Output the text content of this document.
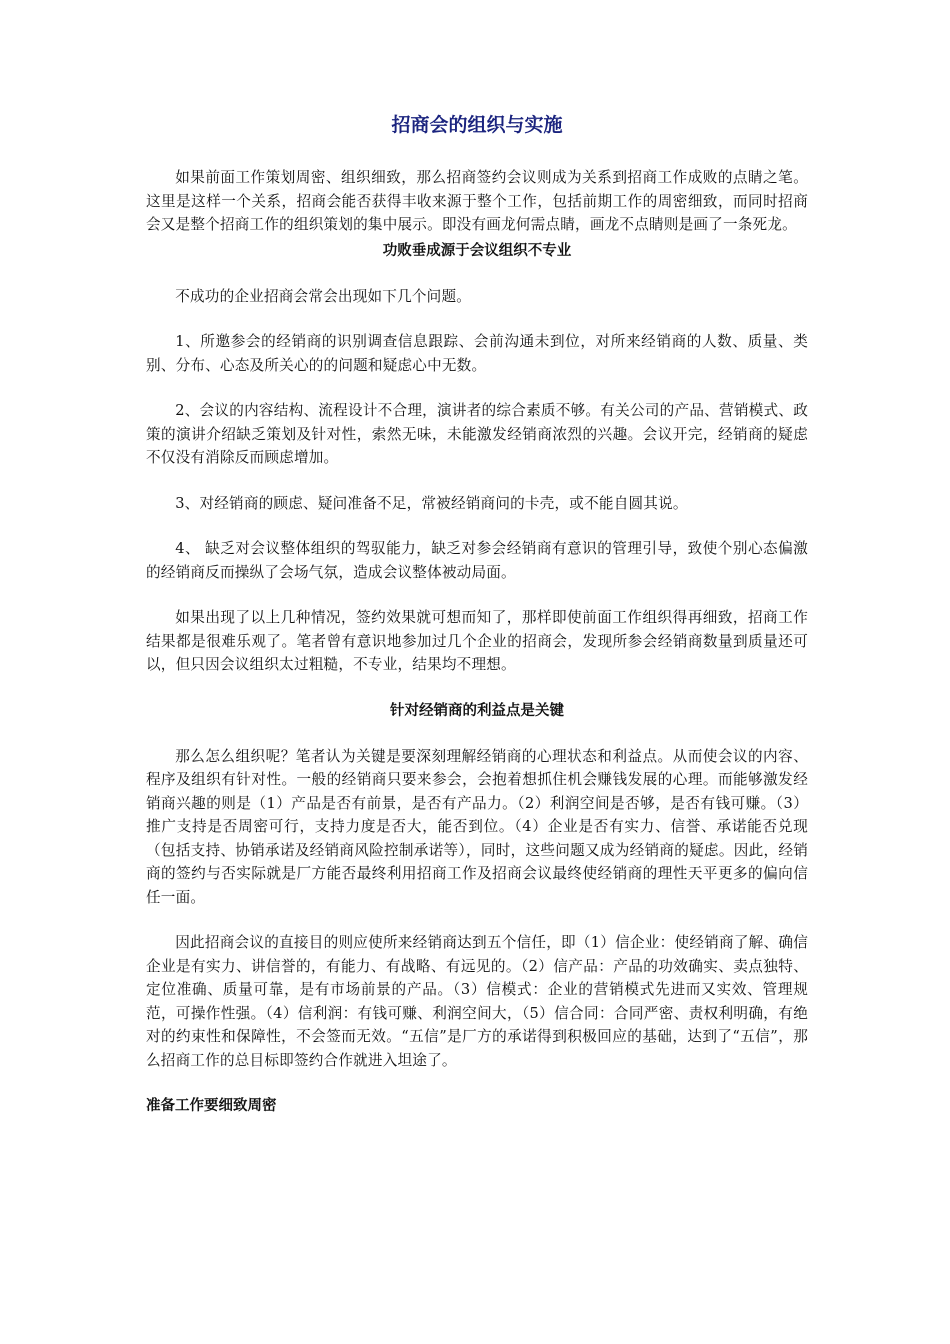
招商会的组织与实施

如果前面工作策划周密、组织细致，那么招商签约会议则成为关系到招商工作成败的点睛之笔。这里是这样一个关系，招商会能否获得丰收来源于整个工作，包括前期工作的周密细致，而同时招商会又是整个招商工作的组织策划的集中展示。即没有画龙何需点睛，画龙不点睛则是画了一条死龙。

功败垂成源于会议组织不专业

不成功的企业招商会常会出现如下几个问题。

1、所邀参会的经销商的识别调查信息跟踪、会前沟通未到位，对所来经销商的人数、质量、类别、分布、心态及所关心的的问题和疑虑心中无数。

2、会议的内容结构、流程设计不合理，演讲者的综合素质不够。有关公司的产品、营销模式、政策的演讲介绍缺乏策划及针对性，索然无味，未能激发经销商浓烈的兴趣。会议开完，经销商的疑虑不仅没有消除反而顾虑增加。

3、对经销商的顾虑、疑问准备不足，常被经销商问的卡壳，或不能自圆其说。

4、 缺乏对会议整体组织的驾驭能力，缺乏对参会经销商有意识的管理引导，致使个别心态偏激的经销商反而操纵了会场气氛，造成会议整体被动局面。

如果出现了以上几种情况，签约效果就可想而知了，那样即使前面工作组织得再细致，招商工作结果都是很难乐观了。笔者曾有意识地参加过几个企业的招商会，发现所参会经销商数量到质量还可以，但只因会议组织太过粗糙，不专业，结果均不理想。

针对经销商的利益点是关键

那么怎么组织呢？笔者认为关键是要深刻理解经销商的心理状态和利益点。从而使会议的内容、程序及组织有针对性。一般的经销商只要来参会，会抱着想抓住机会赚钱发展的心理。而能够激发经销商兴趣的则是（1）产品是否有前景，是否有产品力。（2）利润空间是否够，是否有钱可赚。（3）推广支持是否周密可行，支持力度是否大，能否到位。（4）企业是否有实力、信誉、承诺能否兑现（包括支持、协销承诺及经销商风险控制承诺等），同时，这些问题又成为经销商的疑虑。因此，经销商的签约与否实际就是厂方能否最终利用招商工作及招商会议最终使经销商的理性天平更多的偏向信任一面。

因此招商会议的直接目的则应使所来经销商达到五个信任，即（1）信企业：使经销商了解、确信企业是有实力、讲信誉的，有能力、有战略、有远见的。（2）信产品：产品的功效确实、卖点独特、定位准确、质量可靠，是有市场前景的产品。（3）信模式：企业的营销模式先进而又实效、管理规范，可操作性强。（4）信利润：有钱可赚、利润空间大，（5）信合同：合同严密、责权利明确，有绝对的约束性和保障性，不会签而无效。“五信”是厂方的承诺得到积极回应的基础，达到了“五信”，那么招商工作的总目标即签约合作就进入坦途了。

准备工作要细致周密
